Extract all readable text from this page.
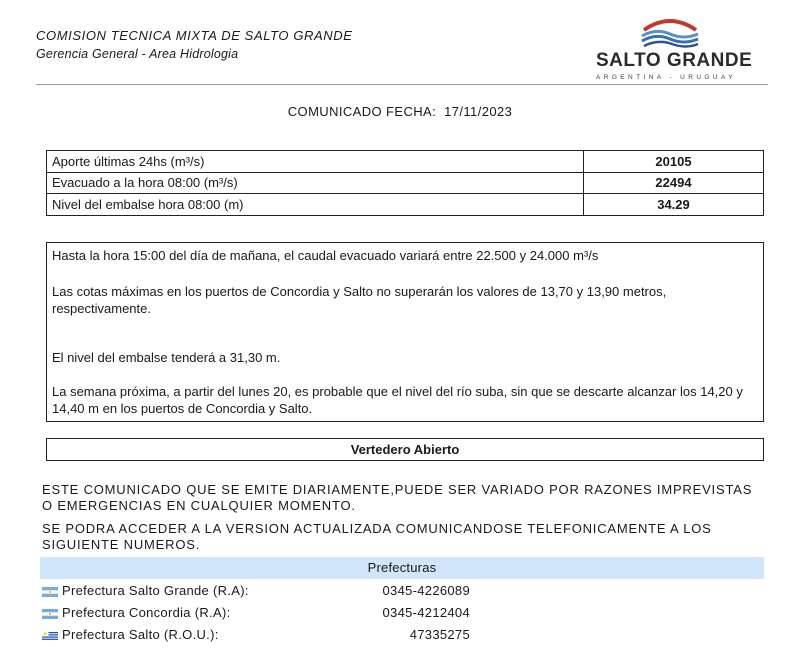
COMISION TECNICA MIXTA DE SALTO GRANDE
Gerencia General - Area Hidrologia	SALTO GRANDE
ARGENTINA - URUGUAY
COMUNICADO FECHA: 17/11/2023
Aporte últimas 24hs (m³/s)	20105
Evacuado a la hora 08:00 (m³/s)	22494
Nivel del embalse hora 08:00 (m)	34.29

Hasta la hora 15:00 del día de mañana, el caudal evacuado variará entre 22.500 y 24.000 m³/s

Las cotas máximas en los puertos de Concordia y Salto no superarán los valores de 13,70 y 13,90 metros, respectivamente.

El nivel del embalse tenderá a 31,30 m.

La semana próxima, a partir del lunes 20, es probable que el nivel del río suba, sin que se descarte alcanzar los 14,20 y 14,40 m en los puertos de Concordia y Salto.

Vertedero Abierto
ESTE COMUNICADO QUE SE EMITE DIARIAMENTE,PUEDE SER VARIADO POR RAZONES IMPREVISTAS O EMERGENCIAS EN CUALQUIER MOMENTO.
SE PODRA ACCEDER A LA VERSION ACTUALIZADA COMUNICANDOSE TELEFONICAMENTE A LOS SIGUIENTE NUMEROS.
Prefecturas
Prefectura Salto Grande (R.A):	0345-4226089
Prefectura Concordia (R.A):	0345-4212404
Prefectura Salto (R.O.U.):	47335275
